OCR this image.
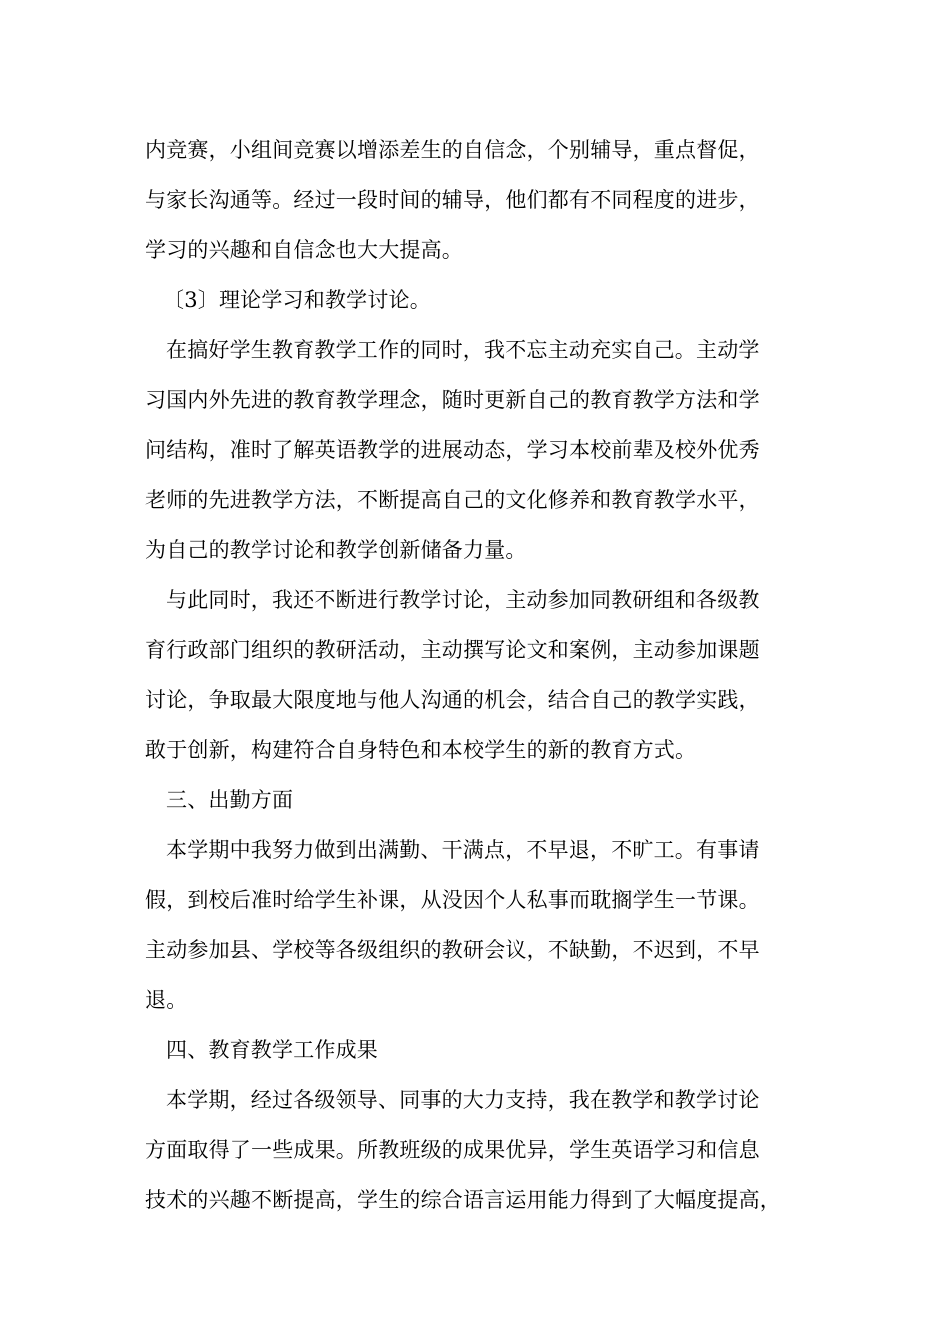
内竞赛，小组间竞赛以增添差生的自信念，个别辅导，重点督促，
与家长沟通等。经过一段时间的辅导，他们都有不同程度的进步，
学习的兴趣和自信念也大大提高。
〔3〕理论学习和教学讨论。
在搞好学生教育教学工作的同时，我不忘主动充实自己。主动学
习国内外先进的教育教学理念，随时更新自己的教育教学方法和学
问结构，准时了解英语教学的进展动态，学习本校前辈及校外优秀
老师的先进教学方法，不断提高自己的文化修养和教育教学水平，
为自己的教学讨论和教学创新储备力量。
与此同时，我还不断进行教学讨论，主动参加同教研组和各级教
育行政部门组织的教研活动，主动撰写论文和案例，主动参加课题
讨论，争取最大限度地与他人沟通的机会，结合自己的教学实践，
敢于创新，构建符合自身特色和本校学生的新的教育方式。
三、出勤方面
本学期中我努力做到出满勤、干满点，不早退，不旷工。有事请
假，到校后准时给学生补课，从没因个人私事而耽搁学生一节课。
主动参加县、学校等各级组织的教研会议，不缺勤，不迟到，不早
退。
四、教育教学工作成果
本学期，经过各级领导、同事的大力支持，我在教学和教学讨论
方面取得了一些成果。所教班级的成果优异，学生英语学习和信息
技术的兴趣不断提高，学生的综合语言运用能力得到了大幅度提高，
